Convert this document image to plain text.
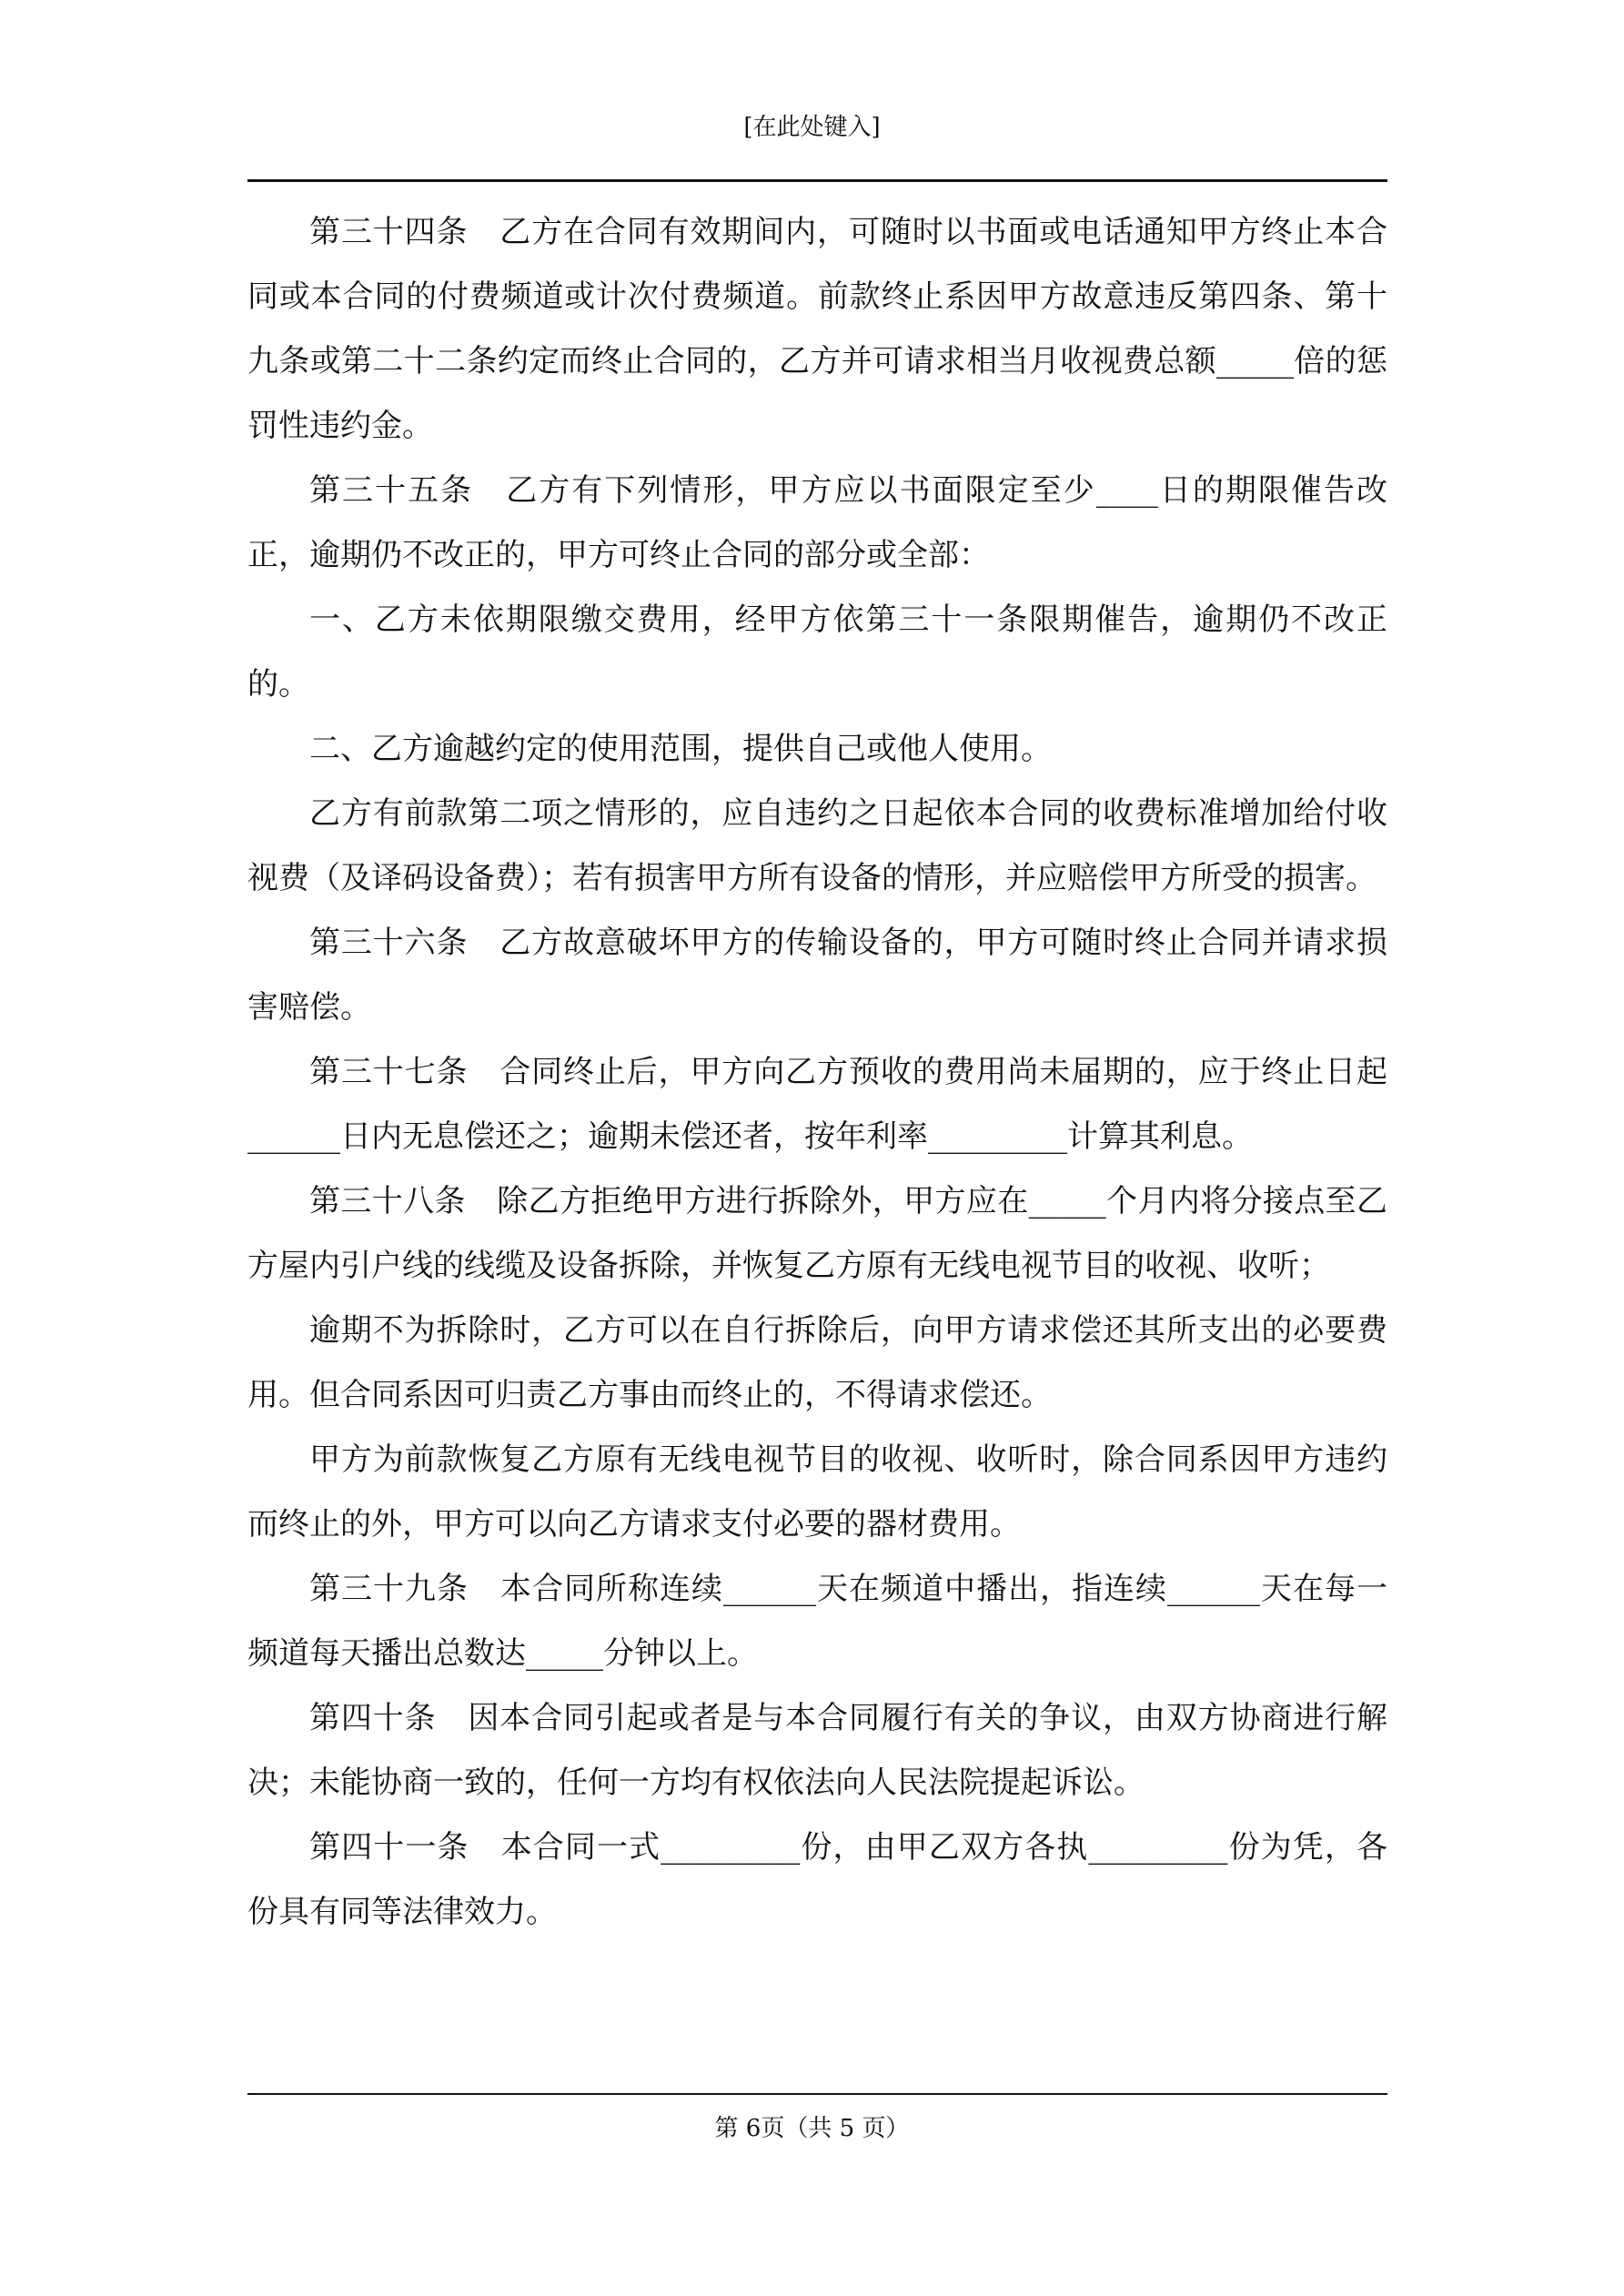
[在此处键入]

第三十四条　乙方在合同有效期间内，可随时以书面或电话通知甲方终止本合同或本合同的付费频道或计次付费频道。前款终止系因甲方故意违反第四条、第十九条或第二十二条约定而终止合同的，乙方并可请求相当月收视费总额_____倍的惩罚性违约金。

第三十五条　乙方有下列情形，甲方应以书面限定至少____日的期限催告改正，逾期仍不改正的，甲方可终止合同的部分或全部：

一、乙方未依期限缴交费用，经甲方依第三十一条限期催告，逾期仍不改正的。

二、乙方逾越约定的使用范围，提供自己或他人使用。

乙方有前款第二项之情形的，应自违约之日起依本合同的收费标准增加给付收视费（及译码设备费）；若有损害甲方所有设备的情形，并应赔偿甲方所受的损害。

第三十六条　乙方故意破坏甲方的传输设备的，甲方可随时终止合同并请求损害赔偿。

第三十七条　合同终止后，甲方向乙方预收的费用尚未届期的，应于终止日起______日内无息偿还之；逾期未偿还者，按年利率_________计算其利息。

第三十八条　除乙方拒绝甲方进行拆除外，甲方应在_____个月内将分接点至乙方屋内引户线的线缆及设备拆除，并恢复乙方原有无线电视节目的收视、收听；

逾期不为拆除时，乙方可以在自行拆除后，向甲方请求偿还其所支出的必要费用。但合同系因可归责乙方事由而终止的，不得请求偿还。

甲方为前款恢复乙方原有无线电视节目的收视、收听时，除合同系因甲方违约而终止的外，甲方可以向乙方请求支付必要的器材费用。

第三十九条　本合同所称连续______天在频道中播出，指连续______天在每一频道每天播出总数达_____分钟以上。

第四十条　因本合同引起或者是与本合同履行有关的争议，由双方协商进行解决；未能协商一致的，任何一方均有权依法向人民法院提起诉讼。

第四十一条　本合同一式_________份，由甲乙双方各执_________份为凭，各份具有同等法律效力。

第 6页（共 5 页）
